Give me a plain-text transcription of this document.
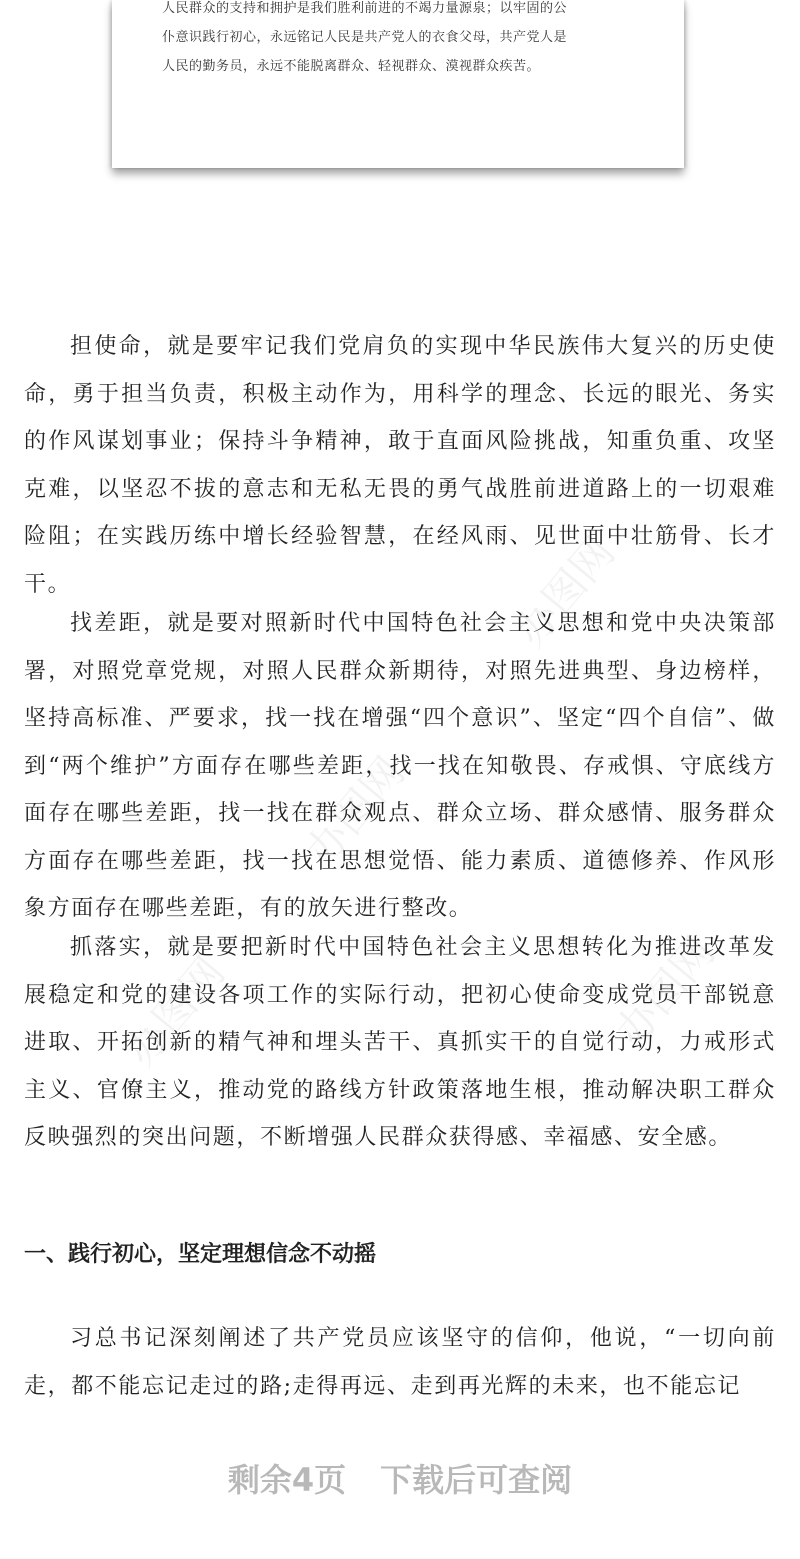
人民群众的支持和拥护是我们胜利前进的不竭力量源泉；以牢固的公
仆意识践行初心，永远铭记人民是共产党人的衣食父母，共产党人是
人民的勤务员，永远不能脱离群众、轻视群众、漠视群众疾苦。
办图网
办图网
办图网	办图网

担使命，就是要牢记我们党肩负的实现中华民族伟大复兴的历史使命，勇于担当负责，积极主动作为，用科学的理念、长远的眼光、务实的作风谋划事业；保持斗争精神，敢于直面风险挑战，知重负重、攻坚克难，以坚忍不拔的意志和无私无畏的勇气战胜前进道路上的一切艰难险阻；在实践历练中增长经验智慧，在经风雨、见世面中壮筋骨、长才干。

找差距，就是要对照新时代中国特色社会主义思想和党中央决策部署，对照党章党规，对照人民群众新期待，对照先进典型、身边榜样，坚持高标准、严要求，找一找在增强“四个意识”、坚定“四个自信”、做到“两个维护”方面存在哪些差距，找一找在知敬畏、存戒惧、守底线方面存在哪些差距，找一找在群众观点、群众立场、群众感情、服务群众方面存在哪些差距，找一找在思想觉悟、能力素质、道德修养、作风形象方面存在哪些差距，有的放矢进行整改。

抓落实，就是要把新时代中国特色社会主义思想转化为推进改革发展稳定和党的建设各项工作的实际行动，把初心使命变成党员干部锐意进取、开拓创新的精气神和埋头苦干、真抓实干的自觉行动，力戒形式主义、官僚主义，推动党的路线方针政策落地生根，推动解决职工群众反映强烈的突出问题，不断增强人民群众获得感、幸福感、安全感。

一、践行初心，坚定理想信念不动摇

习总书记深刻阐述了共产党员应该坚守的信仰，他说，“一切向前走，都不能忘记走过的路;走得再远、走到再光辉的未来，也不能忘记

剩余4页 下载后可查阅
